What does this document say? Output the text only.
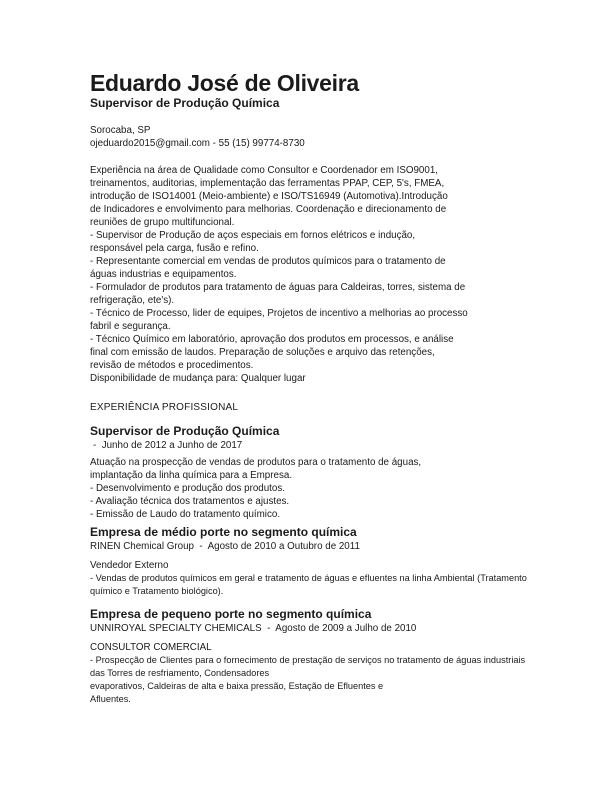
Eduardo José de Oliveira
Supervisor de Produção Química
Sorocaba, SP
ojeduardo2015@gmail.com - 55 (15) 99774-8730
Experiência na área de Qualidade como Consultor e Coordenador em ISO9001,
treinamentos, auditorias, implementação das ferramentas PPAP, CEP, 5's, FMEA,
introdução de ISO14001 (Meio-ambiente) e ISO/TS16949 (Automotiva).Introdução
de Indicadores e envolvimento para melhorias. Coordenação e direcionamento de
reuniões de grupo multifuncional.
- Supervisor de Produção de aços especiais em fornos elétricos e indução,
responsável pela carga, fusão e refino.
- Representante comercial em vendas de produtos químicos para o tratamento de
águas industrias e equipamentos.
- Formulador de produtos para tratamento de águas para Caldeiras, torres, sistema de
refrigeração, ete's).
- Técnico de Processo, lider de equipes, Projetos de incentivo a melhorias ao processo
fabril e segurança.
- Técnico Químico em laboratório, aprovação dos produtos em processos, e análise
final com emissão de laudos. Preparação de soluções e arquivo das retenções,
revisão de métodos e procedimentos.
Disponibilidade de mudança para: Qualquer lugar
EXPERIÊNCIA PROFISSIONAL
Supervisor de Produção Química
-  Junho de 2012 a Junho de 2017
Atuação na prospecção de vendas de produtos para o tratamento de águas,
implantação da linha química para a Empresa.
- Desenvolvimento e produção dos produtos.
- Avaliação técnica dos tratamentos e ajustes.
- Emissão de Laudo do tratamento químico.
Empresa de médio porte no segmento química
RINEN Chemical Group  -  Agosto de 2010 a Outubro de 2011
Vendedor Externo
- Vendas de produtos químicos em geral e tratamento de águas e efluentes na linha Ambiental (Tratamento
químico e Tratamento biológico).
Empresa de pequeno porte no segmento química
UNNIROYAL SPECIALTY CHEMICALS  -  Agosto de 2009 a Julho de 2010
CONSULTOR COMERCIAL
- Prospecção de Clientes para o fornecimento de prestação de serviços no tratamento de águas industriais
das Torres de resfriamento, Condensadores
evaporativos, Caldeiras de alta e baixa pressão, Estação de Efluentes e
Afluentes.
